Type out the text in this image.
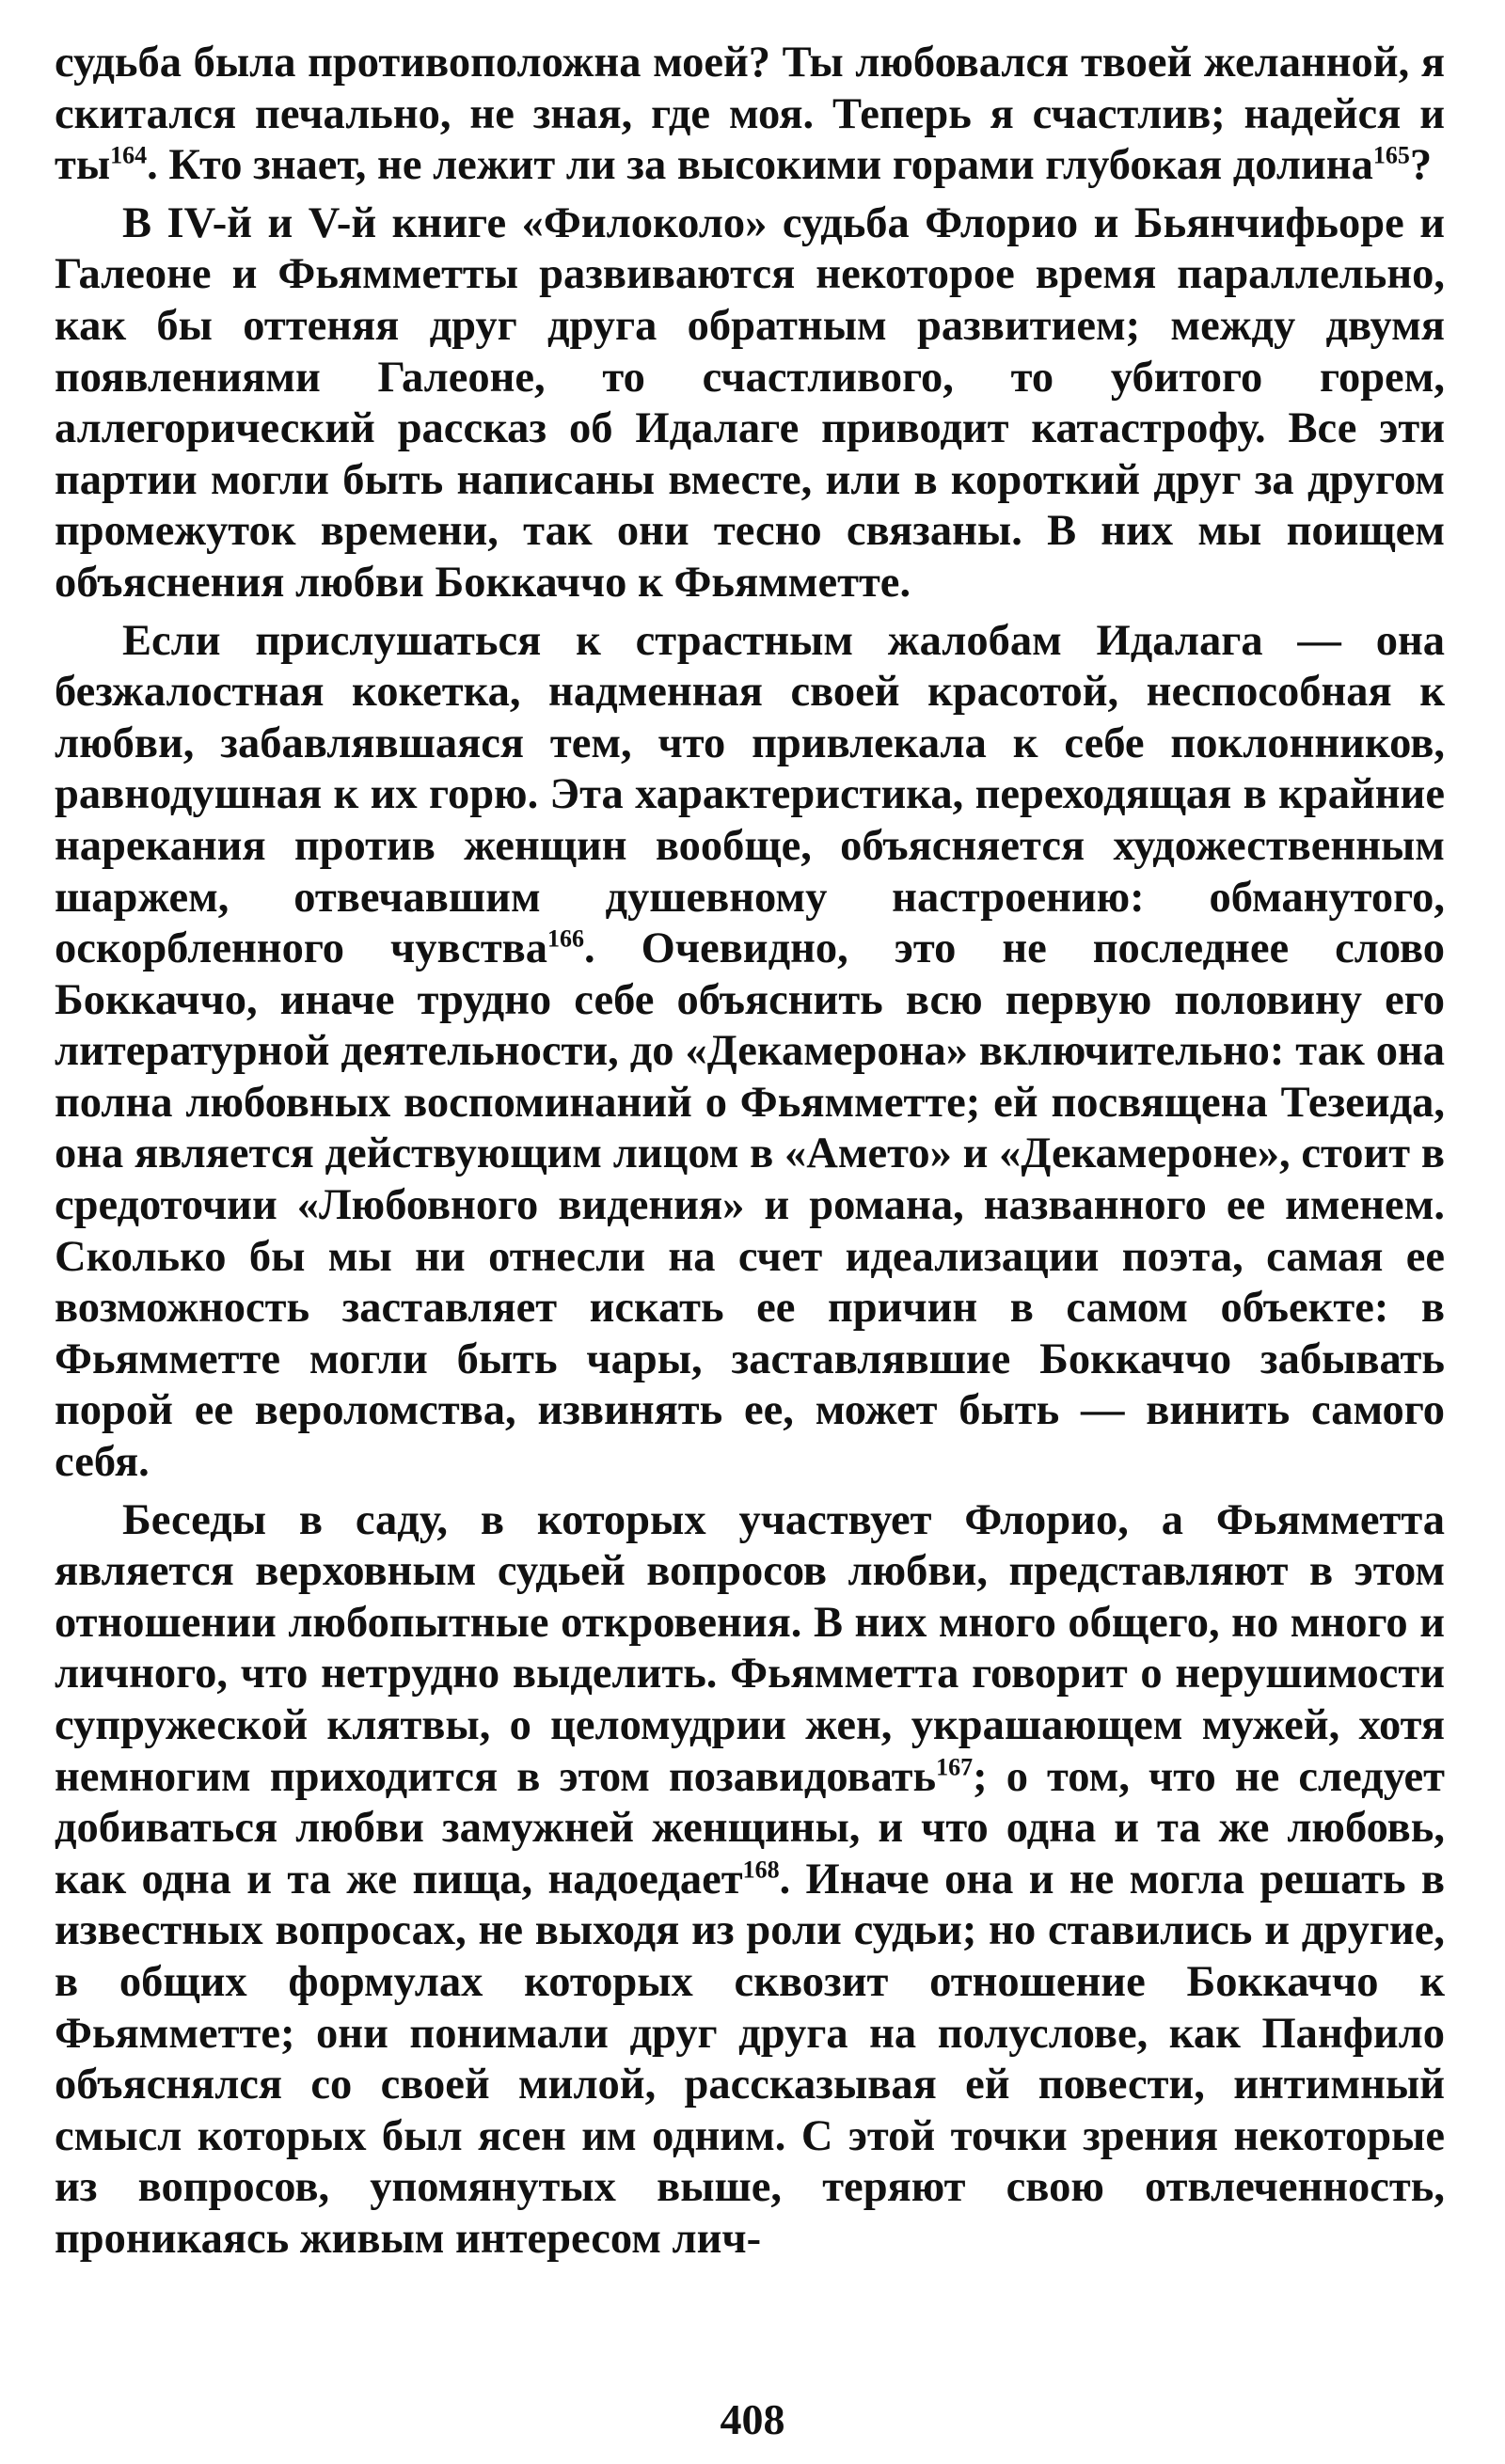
судьба была противоположна моей? Ты любовался твоей желанной, я скитался печально, не зная, где моя. Теперь я счастлив; надейся и $ты^{164}$. Кто знает, не лежит ли за высокими горами глубокая долина$^{165}$?

В IV-й и V-й книге «Филоколо» судьба Флорио и Бьянчифьоре и Галеоне и Фьямметты развиваются некоторое время параллельно, как бы оттеняя друг друга обратным развитием; между двумя появлениями Галеоне, то счастливого, то убитого горем, аллегорический рассказ об Идалаге приводит катастрофу. Все эти партии могли быть написаны вместе, или в короткий друг за другом промежуток времени, так они тесно связаны. В них мы поищем объяснения любви Боккаччо к Фьямметте.

Если прислушаться к страстным жалобам Идалага — она безжалостная кокетка, надменная своей красотой, неспособная к любви, забавлявшаяся тем, что привлекала к себе поклонников, равнодушная к их горю. Эта характеристика, переходящая в крайние нарекания против женщин вообще, объясняется художественным шаржем, отвечавшим душевному настроению: обманутого, оскорбленного чувства$^{166}$. Очевидно, это не последнее слово Боккаччо, иначе трудно себе объяснить всю первую половину его литературной деятельности, до «Декамерона» включительно: так она полна любовных воспоминаний о Фьямметте; ей посвящена Тезеида, она является действующим лицом в «Амето» и «Декамероне», стоит в средоточии «Любовного видения» и романа, названного ее именем. Сколько бы мы ни отнесли на счет идеализации поэта, самая ее возможность заставляет искать ее причин в самом объекте: в Фьямметте могли быть чары, заставлявшие Боккаччо забывать порой ее вероломства, извинять ее, может быть — винить самого себя.

Беседы в саду, в которых участвует Флорио, а Фьямметта является верховным судьей вопросов любви, представляют в этом отношении любопытные откровения. В них много общего, но много и личного, что нетрудно выделить. Фьямметта говорит о нерушимости супружеской клятвы, о целомудрии жен, украшающем мужей, хотя немногим приходится в этом позавидовать$^{167}$; о том, что не следует добиваться любви замужней женщины, и что одна и та же любовь, как одна и та же пища, надоедает$^{168}$. Иначе она и не могла решать в известных вопросах, не выходя из роли судьи; но ставились и другие, в общих формулах которых сквозит отношение Боккаччо к Фьямметте; они понимали друг друга на полуслове, как Панфило объяснялся со своей милой, рассказывая ей повести, интимный смысл которых был ясен им одним. С этой точки зрения некоторые из вопросов, упомянутых выше, теряют свою отвлеченность, проникаясь живым интересом лич-

408
